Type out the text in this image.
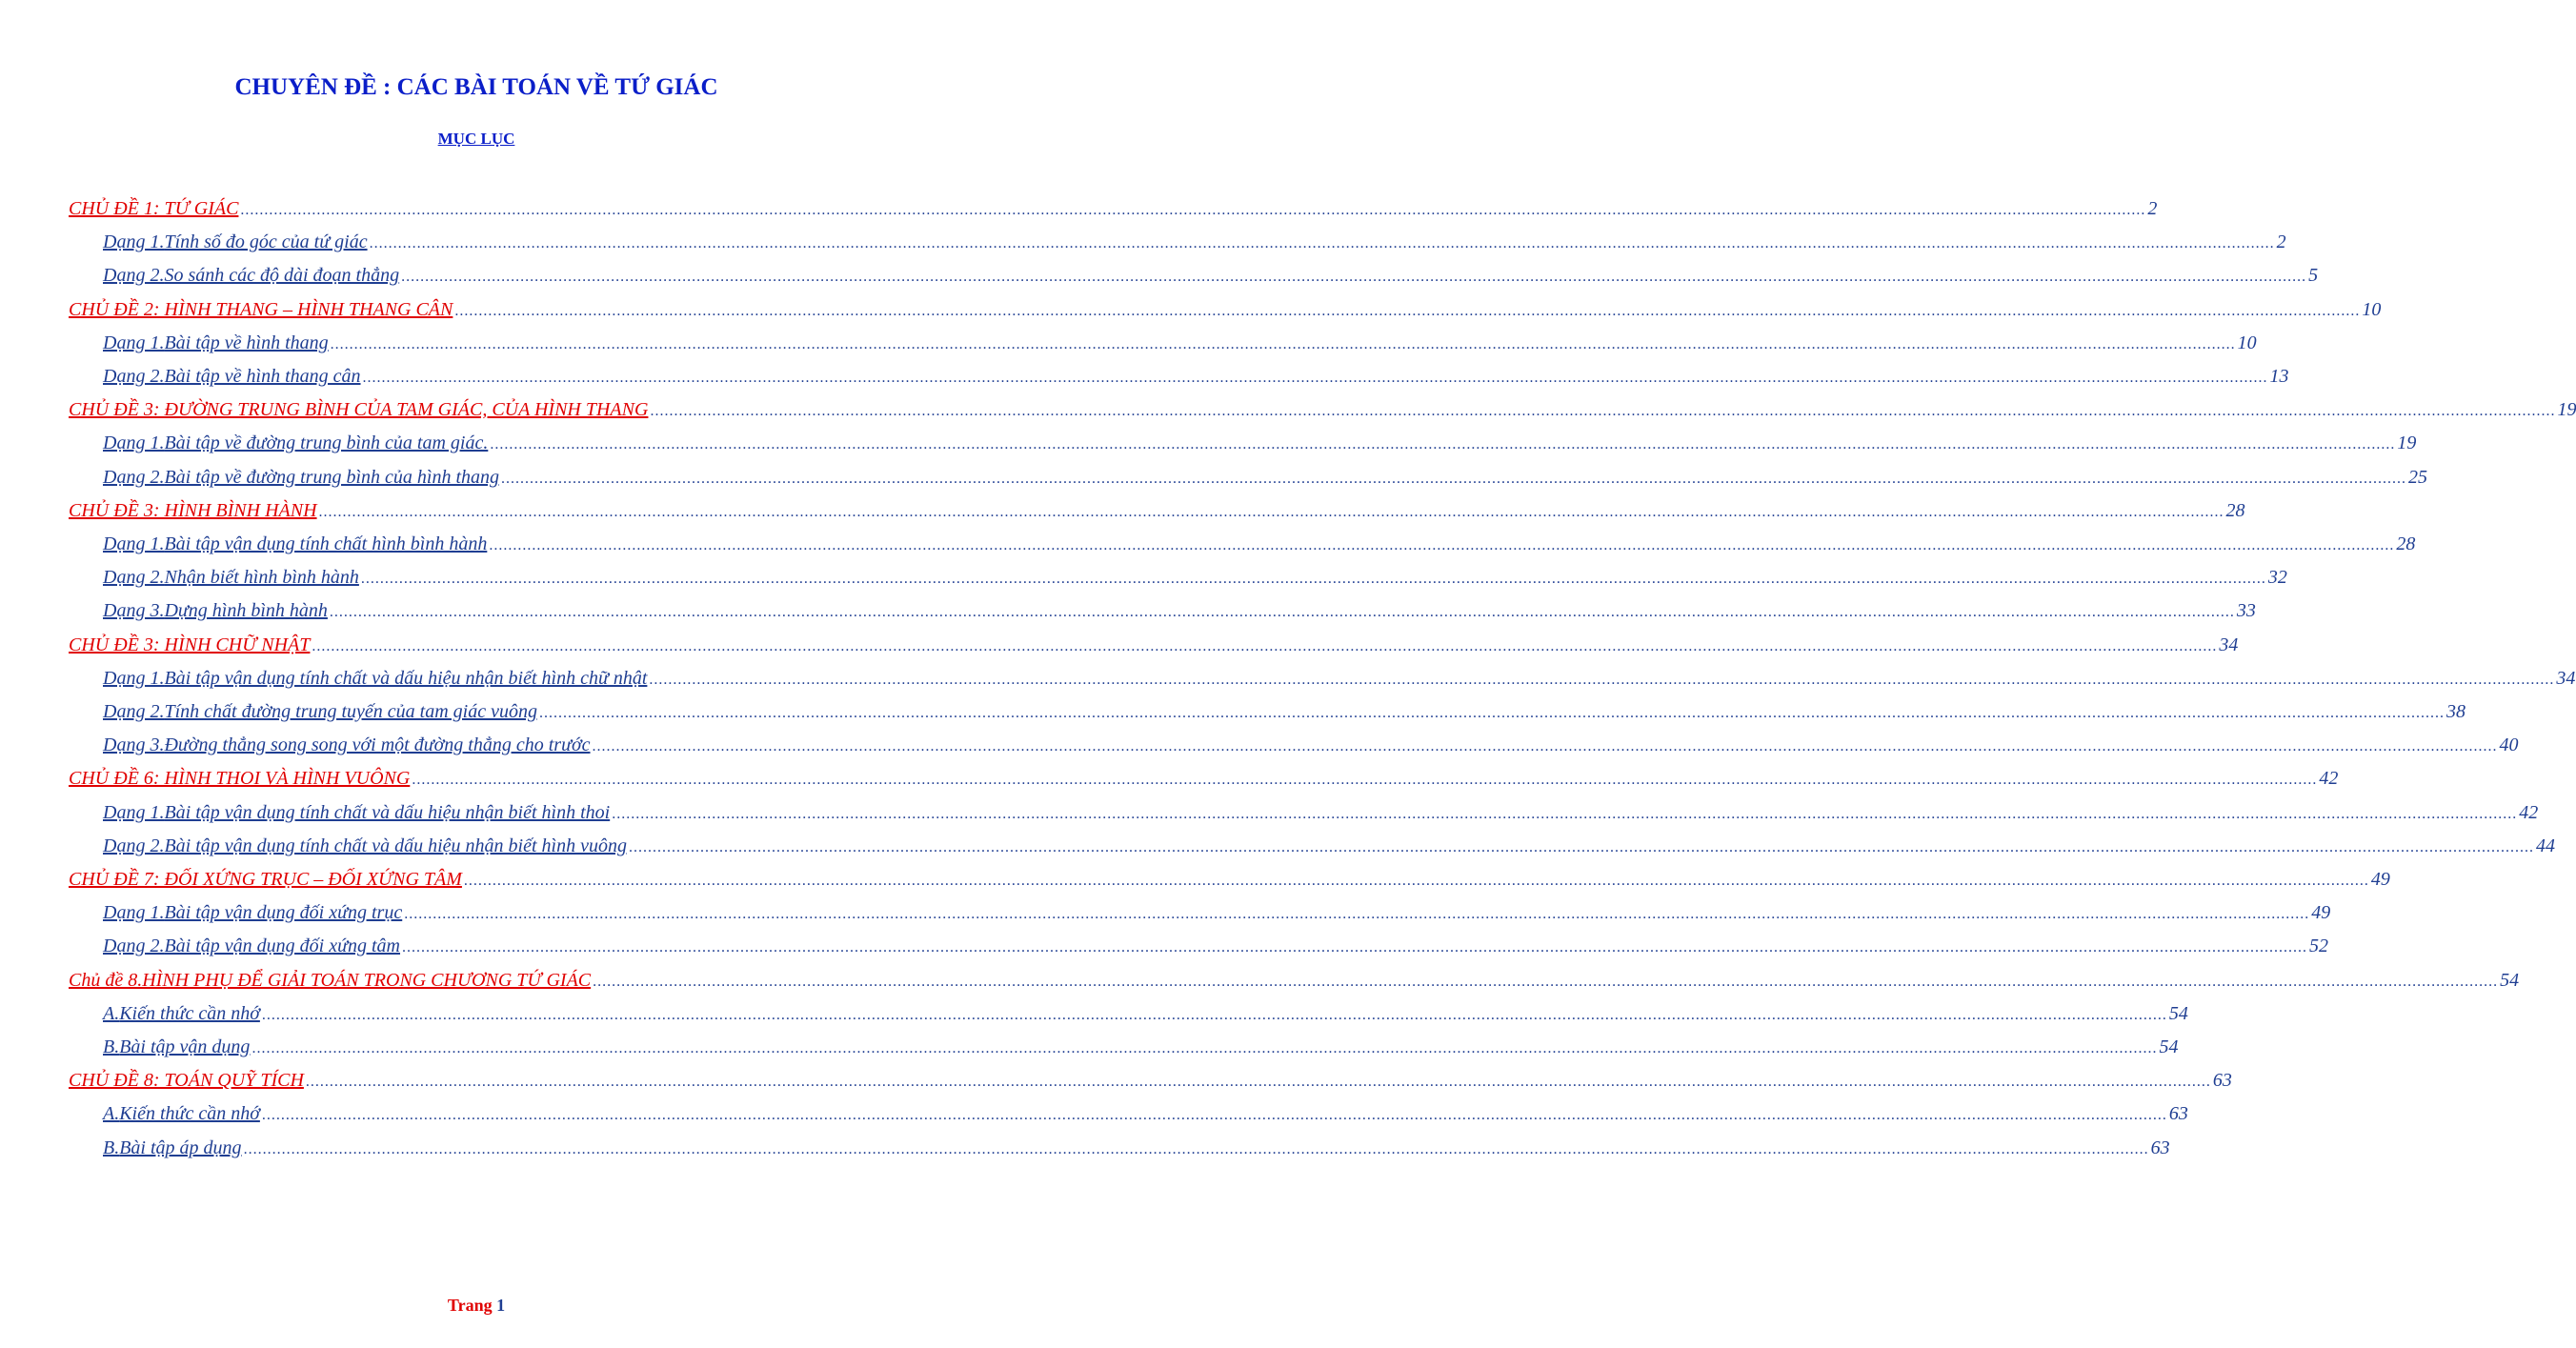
CHUYÊN ĐỀ : CÁC BÀI TOÁN VỀ TỨ GIÁC
MỤC LỤC
CHỦ ĐỀ 1: TỨ GIÁC ................................................................................................................................................................................................................................................................................................................................................................................................................ 2
Dạng 1. Tính số đo góc của tứ giác ................................................................................................................................................................................................................................................................................................................................................................................................................ 2
Dạng 2. So sánh các độ dài đoạn thẳng ................................................................................................................................................................................................................................................................................................................................................................................................................ 5
CHỦ ĐỀ 2: HÌNH THANG – HÌNH THANG CÂN ................................................................................................................................................................................................................................................................................................................................................................................................................ 10
Dạng 1. Bài tập về hình thang ................................................................................................................................................................................................................................................................................................................................................................................................................ 10
Dạng 2. Bài tập về hình thang cân ................................................................................................................................................................................................................................................................................................................................................................................................................ 13
CHỦ ĐỀ 3: ĐƯỜNG TRUNG BÌNH CỦA TAM GIÁC, CỦA HÌNH THANG ................................................................................................................................................................................................................................................................................................................................................................................................................ 19
Dạng 1. Bài tập về đường trung bình của tam giác. ................................................................................................................................................................................................................................................................................................................................................................................................................ 19
Dạng 2. Bài tập về đường trung bình của hình thang ................................................................................................................................................................................................................................................................................................................................................................................................................ 25
CHỦ ĐỀ 3: HÌNH BÌNH HÀNH ................................................................................................................................................................................................................................................................................................................................................................................................................ 28
Dạng 1. Bài tập vận dụng tính chất hình bình hành ................................................................................................................................................................................................................................................................................................................................................................................................................ 28
Dạng 2. Nhận biết hình bình hành ................................................................................................................................................................................................................................................................................................................................................................................................................ 32
Dạng 3. Dựng hình bình hành ................................................................................................................................................................................................................................................................................................................................................................................................................ 33
CHỦ ĐỀ 3: HÌNH CHỮ NHẬT ................................................................................................................................................................................................................................................................................................................................................................................................................ 34
Dạng 1. Bài tập vận dụng tính chất và dấu hiệu nhận biết hình chữ nhật ................................................................................................................................................................................................................................................................................................................................................................................................................ 34
Dạng 2. Tính chất đường trung tuyến của tam giác vuông ................................................................................................................................................................................................................................................................................................................................................................................................................ 38
Dạng 3. Đường thẳng song song với một đường thẳng cho trước ................................................................................................................................................................................................................................................................................................................................................................................................................ 40
CHỦ ĐỀ 6: HÌNH THOI VÀ HÌNH VUÔNG ................................................................................................................................................................................................................................................................................................................................................................................................................ 42
Dạng 1. Bài tập vận dụng tính chất và dấu hiệu nhận biết hình thoi ................................................................................................................................................................................................................................................................................................................................................................................................................ 42
Dạng 2. Bài tập vận dụng tính chất và dấu hiệu nhận biết hình vuông ................................................................................................................................................................................................................................................................................................................................................................................................................ 44
CHỦ ĐỀ 7: ĐỐI XỨNG TRỤC – ĐỐI XỨNG TÂM ................................................................................................................................................................................................................................................................................................................................................................................................................ 49
Dạng 1. Bài tập vận dụng đối xứng trục ................................................................................................................................................................................................................................................................................................................................................................................................................ 49
Dạng 2. Bài tập vận dụng đối xứng tâm ................................................................................................................................................................................................................................................................................................................................................................................................................ 52
Chủ đề 8.HÌNH PHỤ ĐỂ GIẢI TOÁN TRONG CHƯƠNG TỨ GIÁC ................................................................................................................................................................................................................................................................................................................................................................................................................ 54
A. Kiến thức cần nhớ ................................................................................................................................................................................................................................................................................................................................................................................................................ 54
B. Bài tập vận dụng ................................................................................................................................................................................................................................................................................................................................................................................................................ 54
CHỦ ĐỀ 8: TOÁN QUỸ TÍCH ................................................................................................................................................................................................................................................................................................................................................................................................................ 63
A. Kiến thức cần nhớ ................................................................................................................................................................................................................................................................................................................................................................................................................ 63
B. Bài tập áp dụng ................................................................................................................................................................................................................................................................................................................................................................................................................ 63
Trang 1
